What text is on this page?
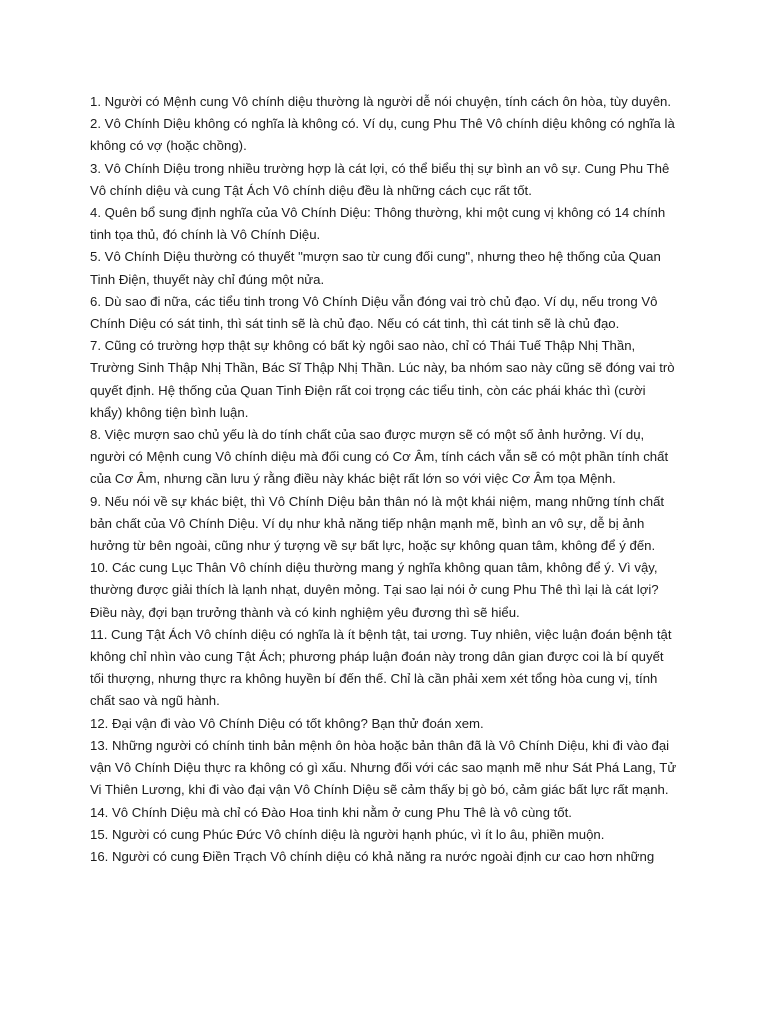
1. Người có Mệnh cung Vô chính diệu thường là người dễ nói chuyện, tính cách ôn hòa, tùy duyên.
2. Vô Chính Diệu không có nghĩa là không có. Ví dụ, cung Phu Thê Vô chính diệu không có nghĩa là không có vợ (hoặc chồng).
3. Vô Chính Diệu trong nhiều trường hợp là cát lợi, có thể biểu thị sự bình an vô sự. Cung Phu Thê Vô chính diệu và cung Tật Ách Vô chính diệu đều là những cách cục rất tốt.
4. Quên bổ sung định nghĩa của Vô Chính Diệu: Thông thường, khi một cung vị không có 14 chính tinh tọa thủ, đó chính là Vô Chính Diệu.
5. Vô Chính Diệu thường có thuyết "mượn sao từ cung đối cung", nhưng theo hệ thống của Quan Tinh Điện, thuyết này chỉ đúng một nửa.
6. Dù sao đi nữa, các tiểu tinh trong Vô Chính Diệu vẫn đóng vai trò chủ đạo. Ví dụ, nếu trong Vô Chính Diệu có sát tinh, thì sát tinh sẽ là chủ đạo. Nếu có cát tinh, thì cát tinh sẽ là chủ đạo.
7. Cũng có trường hợp thật sự không có bất kỳ ngôi sao nào, chỉ có Thái Tuế Thập Nhị Thần, Trường Sinh Thập Nhị Thần, Bác Sĩ Thập Nhị Thần. Lúc này, ba nhóm sao này cũng sẽ đóng vai trò quyết định. Hệ thống của Quan Tinh Điện rất coi trọng các tiểu tinh, còn các phái khác thì (cười khẩy) không tiện bình luận.
8. Việc mượn sao chủ yếu là do tính chất của sao được mượn sẽ có một số ảnh hưởng. Ví dụ, người có Mệnh cung Vô chính diệu mà đối cung có Cơ Âm, tính cách vẫn sẽ có một phần tính chất của Cơ Âm, nhưng cần lưu ý rằng điều này khác biệt rất lớn so với việc Cơ Âm tọa Mệnh.
9. Nếu nói về sự khác biệt, thì Vô Chính Diệu bản thân nó là một khái niệm, mang những tính chất bản chất của Vô Chính Diệu. Ví dụ như khả năng tiếp nhận mạnh mẽ, bình an vô sự, dễ bị ảnh hưởng từ bên ngoài, cũng như ý tượng về sự bất lực, hoặc sự không quan tâm, không để ý đến.
10. Các cung Lục Thân Vô chính diệu thường mang ý nghĩa không quan tâm, không để ý. Vì vậy, thường được giải thích là lạnh nhạt, duyên mỏng. Tại sao lại nói ở cung Phu Thê thì lại là cát lợi? Điều này, đợi bạn trưởng thành và có kinh nghiệm yêu đương thì sẽ hiểu.
11. Cung Tật Ách Vô chính diệu có nghĩa là ít bệnh tật, tai ương. Tuy nhiên, việc luận đoán bệnh tật không chỉ nhìn vào cung Tật Ách; phương pháp luận đoán này trong dân gian được coi là bí quyết tối thượng, nhưng thực ra không huyền bí đến thế. Chỉ là cần phải xem xét tổng hòa cung vị, tính chất sao và ngũ hành.
12. Đại vận đi vào Vô Chính Diệu có tốt không? Bạn thử đoán xem.
13. Những người có chính tinh bản mệnh ôn hòa hoặc bản thân đã là Vô Chính Diệu, khi đi vào đại vận Vô Chính Diệu thực ra không có gì xấu. Nhưng đối với các sao mạnh mẽ như Sát Phá Lang, Tử Vi Thiên Lương, khi đi vào đại vận Vô Chính Diệu sẽ cảm thấy bị gò bó, cảm giác bất lực rất mạnh.
14. Vô Chính Diệu mà chỉ có Đào Hoa tinh khi nằm ở cung Phu Thê là vô cùng tốt.
15. Người có cung Phúc Đức Vô chính diệu là người hạnh phúc, vì ít lo âu, phiền muộn.
16. Người có cung Điền Trạch Vô chính diệu có khả năng ra nước ngoài định cư cao hơn những
